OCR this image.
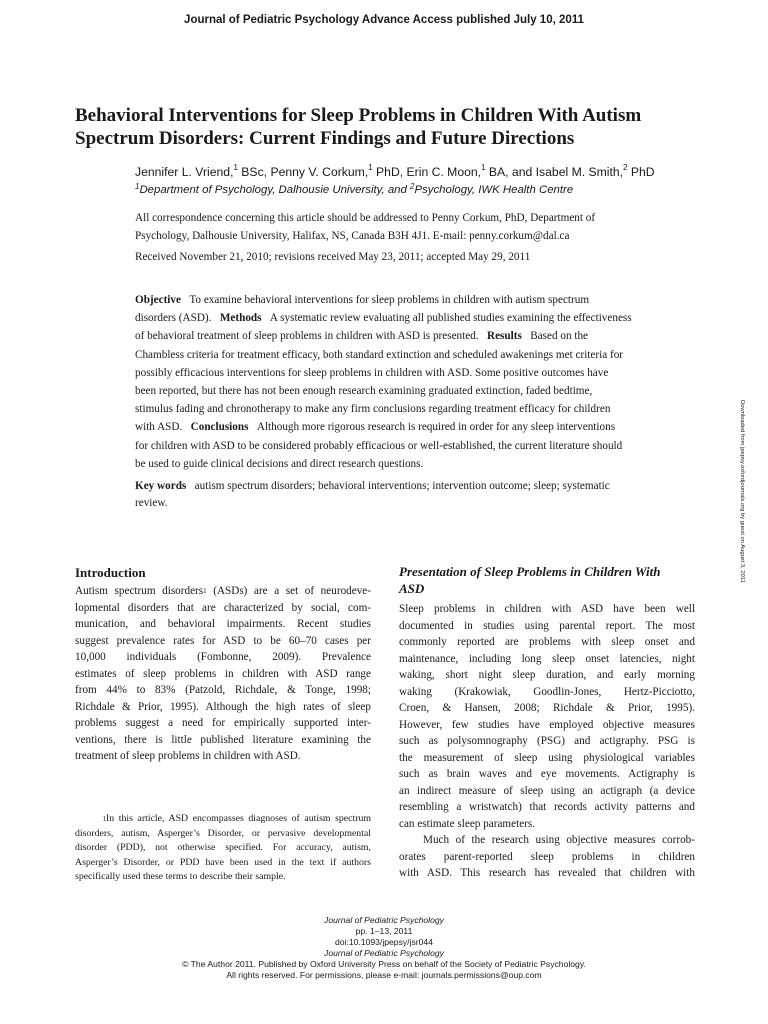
Journal of Pediatric Psychology Advance Access published July 10, 2011
Behavioral Interventions for Sleep Problems in Children With Autism
Spectrum Disorders: Current Findings and Future Directions
Jennifer L. Vriend,$^1$ BSc, Penny V. Corkum,$^1$ PhD, Erin C. Moon,$^1$ BA, and Isabel M. Smith,$^2$ PhD
$^1$Department of Psychology, Dalhousie University, and $^2$Psychology, IWK Health Centre
All correspondence concerning this article should be addressed to Penny Corkum, PhD, Department of
Psychology, Dalhousie University, Halifax, NS, Canada B3H 4J1. E-mail: penny.corkum@dal.ca
Received November 21, 2010; revisions received May 23, 2011; accepted May 29, 2011
Objective To examine behavioral interventions for sleep problems in children with autism spectrum
disorders (ASD). Methods A systematic review evaluating all published studies examining the effectiveness
of behavioral treatment of sleep problems in children with ASD is presented. Results Based on the
Chambless criteria for treatment efficacy, both standard extinction and scheduled awakenings met criteria for
possibly efficacious interventions for sleep problems in children with ASD. Some positive outcomes have
been reported, but there has not been enough research examining graduated extinction, faded bedtime,
stimulus fading and chronotherapy to make any firm conclusions regarding treatment efficacy for children
with ASD. Conclusions Although more rigorous research is required in order for any sleep interventions
for children with ASD to be considered probably efficacious or well-established, the current literature should
be used to guide clinical decisions and direct research questions.
Key words autism spectrum disorders; behavioral interventions; intervention outcome; sleep; systematic
review.
Introduction
Autism spectrum disorders$^1$ (ASDs) are a set of neurodeve-
lopmental disorders that are characterized by social, com-
munication, and behavioral impairments. Recent studies
suggest prevalence rates for ASD to be 60–70 cases per
10,000 individuals (Fombonne, 2009). Prevalence
estimates of sleep problems in children with ASD range
from 44% to 83% (Patzold, Richdale, & Tonge, 1998;
Richdale & Prior, 1995). Although the high rates of sleep
problems suggest a need for empirically supported inter-
ventions, there is little published literature examining the
treatment of sleep problems in children with ASD.
$^1$In this article, ASD encompasses diagnoses of autism spectrum
disorders, autism, Asperger’s Disorder, or pervasive developmental
disorder (PDD), not otherwise specified. For accuracy, autism,
Asperger’s Disorder, or PDD have been used in the text if authors
specifically used these terms to describe their sample.
Presentation of Sleep Problems in Children With
ASD
Sleep problems in children with ASD have been well
documented in studies using parental report. The most
commonly reported are problems with sleep onset and
maintenance, including long sleep onset latencies, night
waking, short night sleep duration, and early morning
waking (Krakowiak, Goodlin-Jones, Hertz-Picciotto,
Croen, & Hansen, 2008; Richdale & Prior, 1995).
However, few studies have employed objective measures
such as polysomnography (PSG) and actigraphy. PSG is
the measurement of sleep using physiological variables
such as brain waves and eye movements. Actigraphy is
an indirect measure of sleep using an actigraph (a device
resembling a wristwatch) that records activity patterns and
can estimate sleep parameters.
Much of the research using objective measures corrob-
orates parent-reported sleep problems in children
with ASD. This research has revealed that children with
Journal of Pediatric Psychology
pp. 1–13, 2011
doi:10.1093/jpepsy/jsr044
Journal of Pediatric Psychology
© The Author 2011. Published by Oxford University Press on behalf of the Society of Pediatric Psychology.
All rights reserved. For permissions, please e-mail: journals.permissions@oup.com
Downloaded from jpepsy.oxfordjournals.org by guest on August 3, 2011
